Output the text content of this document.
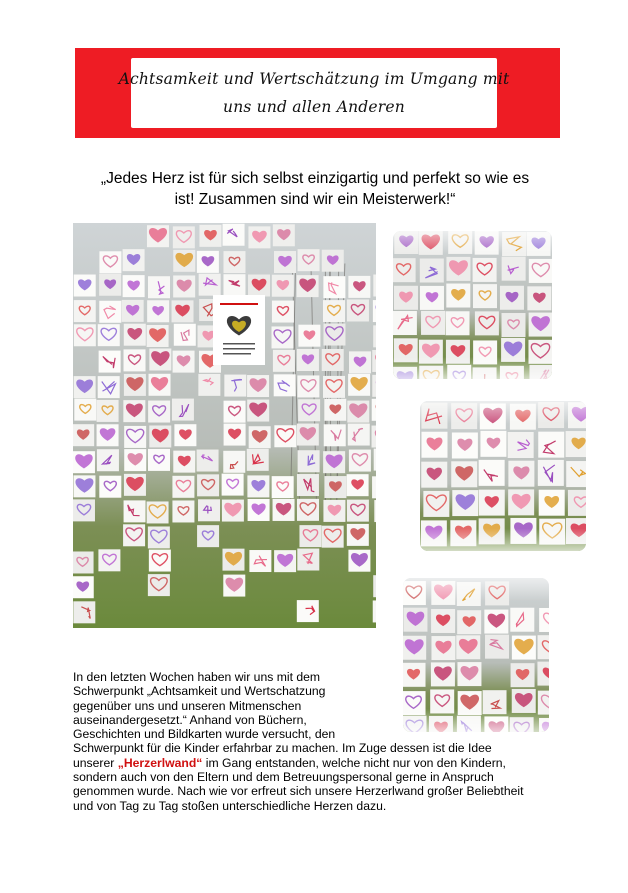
Achtsamkeit und Wertschätzung im Umgang mit
uns und allen Anderen
„Jedes Herz ist für sich selbst einzigartig und perfekt so wie es
ist! Zusammen sind wir ein Meisterwerk!“

In den letzten Wochen haben wir uns mit dem

Schwerpunkt „Achtsamkeit und Wertschatzung

gegenüber uns und unseren Mitmenschen

auseinandergesetzt.“ Anhand von Büchern,

Geschichten und Bildkarten wurde versucht, den

Schwerpunkt für die Kinder erfahrbar zu machen. Im Zuge dessen ist die Idee

unserer „Herzerlwand“ im Gang entstanden, welche nicht nur von den Kindern,

sondern auch von den Eltern und dem Betreuungspersonal gerne in Anspruch

genommen wurde. Nach wie vor erfreut sich unsere Herzerlwand großer Beliebtheit

und von Tag zu Tag stoßen unterschiedliche Herzen dazu.
